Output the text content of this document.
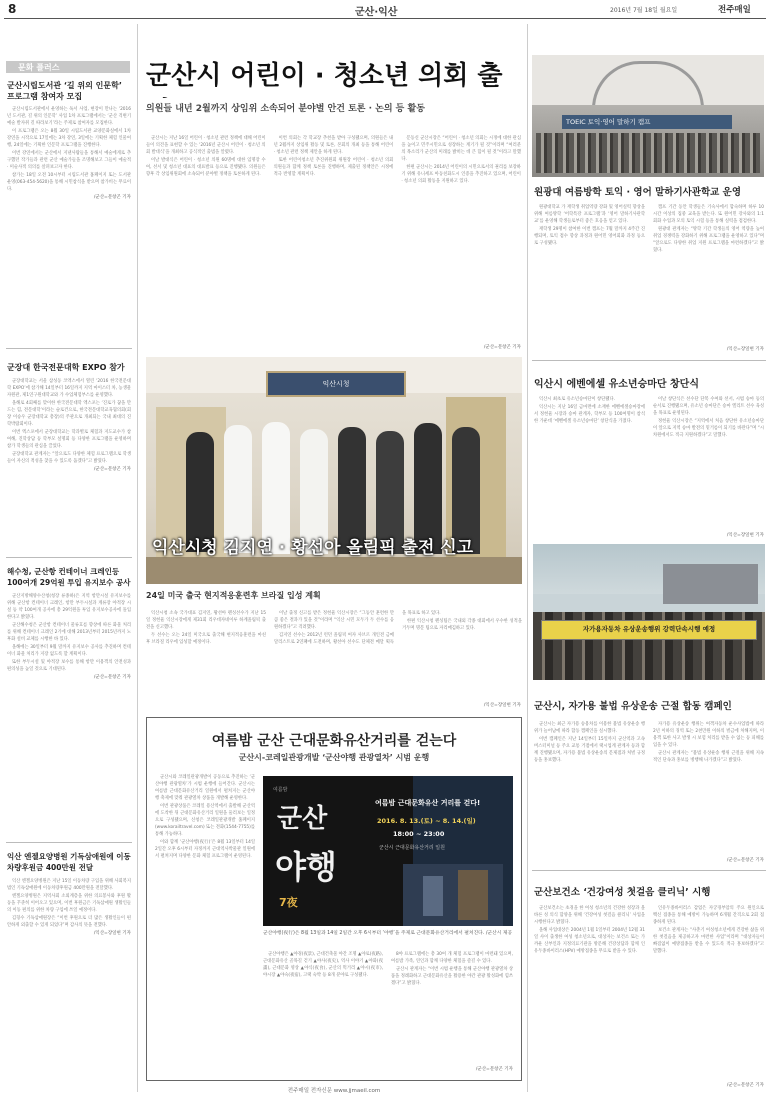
8	군산·익산	2016년 7월 18일 월요일	전주매일
문화 플러스
군산시립도서관 ‘길 위의 인문학’ 프로그램 참여자 모집

군산시립도서관에서 운영하는 독서 사업, 현장이 만나는 ‘2016년 도서관, 길 위의 인문학’ 사업 1차 프로그램에서는 ‘군산 격변기 예술 발자취 길 따라보기’라는 주제로 참여자를 모집한다.

이 프로그램은 오는 8월 30일 시립도서관 교양문화실에서 1차 강연을 시작으로 17일에는 3차 강연, 3일에는 기획한 체험 인물여행, 24일에는 기획한 인문학 프로그램을 진행한다.

이번 강연에서는 군산에서 지낸사람들을 통해서 예술에게로 추구했던 작가들과 관련 군산 예술가들을 조명해보고 그들이 예술적 · 미술사적 의의를 살펴보고자 한다.

참가는 18일 오전 10시부터 시립도서관 홈페이지 또는 도서관운영(063-454-5620)을 통해 시민참석을 받으며 참가비는 무료이다.

/군산=문창곤 기자
군장대 한국전문대학 EXPO 참가

군장대학교는 서울 삼성동 코엑스에서 열린 ‘2016 한국전문대학 EXPO’에 참가해 14일부터 16일까지 지역 마이스터 차, 농생물자원관, 제1연구원대학교와 가 수업체험부스를 운영했다.

올해로 4회째를 맞이한 한국전문대학 엑스포는 ‘진로가 꿈을 만드는 힘, 전문대학’이라는 슬로건으로, 한국전문대학교육협의회(회장 이승우 군장대학교 총장)의 주관으로 개최되는 국내 최대의 진학박람회이다.

이번 엑스포에서 군장대학교는 학과별로 체험과 지도교수가 참여해, 진학상담 등 학부모 설명회 등 다양한 프로그램을 운영하며 참가 학생들의 관심을 끌었다.

군장대학교 관계자는 “앞으로도 다양한 체험 프로그램으로 학생들이 자신의 적성을 찾을 수 있도록 돕겠다”고 밝혔다.

/군산=문창곤 기자
해수청, 군산항 컨테이너 크레인등 100여개 29억원 투입 유지보수 공사

군산지방해양수산청(청장 류종하)은 지역 항만시설 유지보수를 위해 군산항 컨테이너 크레인, 항만 부두시설과 계류장 야적장 시설 등 약 100여개 공사에 총 29억원을 투입 유지보수공사에 돌입한다고 밝혔다.

군산해수청은 군산항 컨테이너 물류흐름 향상에 따른 화물 처리를 위해 컨테이너 크레인 2기에 대해 2013년부터 2015년까지 노후화 설비 교체를 시행한 바 있다.

올해에는 30일부터 9월 말까지 유지보수 공사를 추진하며 컨테이너 화물 처리가 지장 없도록 할 계획이다.

또한 부두시설 및 야적장 보수를 통해 항만 이용객의 안전성과 편의성을 높일 것으로 기대된다.

/군산=문창곤 기자
익산 엔젤요양병원 기독삼애원에 이동차량후원금 400만원 전달

익산 엔젤요양병원은 지난 15일 이동차량 구입을 위해 사회복지법인 기독삼애원에 이동차량후원금 400만원을 전달했다.

엔젤요양병원은 지역사회 소외계층을 위한 의료봉사와 후원 활동을 꾸준히 이어오고 있으며, 이번 후원금은 기독삼애원 생활인들의 이동 편의를 위한 차량 구입에 쓰일 예정이다.

김형수 기독삼애원장은 “이번 후원으로 더 많은 생활인들이 편안하게 외출할 수 있게 되었다”며 감사의 뜻을 전했다.

/익산=장일현 기자
군산시 어린이 · 청소년 의회 출
의원들 내년 2월까지 상임위 소속되어 분야별 안건 토론 · 논의 등 활동

군산시는 지난 16일 어린이 · 청소년 관련 정책에 대해 어린이들이 의견을 표현할 수 있는 ‘2016년 군산시 어린이 · 청소년 의회 발대식’을 개최하고 공식적인 출범을 알렸다.

이날 발대식은 어린이 · 청소년 의원 60명에 대한 임명장 수여, 선서 및 청소년 대표의 대표발표 등으로 진행됐다. 의원들은 향후 각 상임위원회에 소속되어 분야별 정책을 토론하게 된다.

이번 의회는 각 학교장 추천을 받아 구성됐으며, 의원들은 내년 2월까지 상임위 활동 및 토론, 본회의 개최 등을 통해 어린이 · 청소년 관련 정책 제안을 하게 된다.

또한 어린이청소년 추진위원회 위원장 어린이 · 청소년 의회 의원들과 함께 정책 토론을 진행하며, 제출된 정책안은 시정에 적극 반영할 계획이다.

문동신 군산시장은 “어린이 · 청소년 의회는 시정에 대한 관심을 높이고 민주시민으로 성장하는 계기가 될 것”이라며 “여러분의 목소리가 군산의 미래를 밝히는 데 큰 힘이 될 것”이라고 말했다.

한편 군산시는 2014년 어린이의 시민으로서의 권리를 보장하기 위해 유니세프 아동친화도시 인증을 추진하고 있으며, 어린이 · 청소년 의회 활동을 지원하고 있다.

/군산=문창곤 기자
익산시청
익산시청 김지연 · 황선아 올림픽 출전 신고
24일 미국 출국 현지적응훈련후 브라질 입성 계획

익산시청 소속 국가대표 김지연, 황선아 펜싱선수가 지난 15일 정헌율 익산시장에게 제31회 리우데자네이루 하계올림픽 출전을 신고했다.

두 선수는 오는 24일 미국으로 출국해 현지적응훈련을 마친 후 브라질 리우에 입성할 예정이다.

이날 출정 신고를 받은 정헌율 익산시장은 “그동안 훈련한 만큼 좋은 결과가 있을 것”이라며 “익산 시민 모두가 두 선수를 응원하겠다”고 격려했다.

김지연 선수는 2012년 런던 올림픽 여자 사브르 개인전 금메달리스트로 2연패에 도전하며, 황선아 선수도 단체전 메달 획득을 목표로 하고 있다.

한편 익산시청 펜싱팀은 국내외 각종 대회에서 우수한 성적을 거두며 명문 팀으로 자리매김하고 있다.

/익산=장일현 기자
여름밤 군산 근대문화유산거리를 걷는다
군산시-코레일관광개발 ‘군산야행 관광열차’ 시범 운행

군산시와 코레일관광개발이 공동으로 추진하는 ‘군산야행 관광열차’가 시범 운행에 들어간다. 군산시는 여름밤 근대문화유산거리 일원에서 펼쳐지는 군산야행 축제에 맞춰 관광열차 상품을 개발해 운영한다.

이번 관광상품은 코레일 용산역에서 출발해 군산역에 도착한 뒤 근대문화유산거리 일원을 둘러보는 일정으로 구성됐으며, 신청은 코레일관광개발 홈페이지(www.korailtravel.com) 또는 전화(1544-7755)를 통해 가능하다.

이와 함께 ‘군산야행(夜行)’은 8월 13일부터 14일 2일간 오후 6시부터 자정까지 근대역사박물관 일원에서 펼쳐지며 다양한 문화 체험 프로그램이 운영된다.

여름밤
군산
야행
7夜
여름밤 근대문화유산 거리를 걷다!
2016. 8. 13.(토) ~ 8. 14.(일)
18:00 ~ 23:00
군산시 근대문화유산거리 일원
군산야행(夜行)은 8월 13일과 14일 2일간 오후 6시부터 ‘야행’을 주제로 근대문화유산거리에서 펼쳐진다. /군산시 제공

군산야행은 ▲야경(夜景), 근대건축물 야간 조명 ▲야로(夜路), 근대문화유산 골목길 걷기 ▲야사(夜史), 역사 이야기 ▲야화(夜畵), 근대문화 영상 ▲야식(夜食), 군산의 먹거리 ▲야시(夜市), 야시장 ▲야숙(夜宿), 고택 숙박 등 8개 분야로 구성됐다.

8야 프로그램에는 총 30여 개 체험 프로그램이 마련돼 있으며, 여름밤 가족, 연인과 함께 다양한 체험을 즐길 수 있다.

군산시 관계자는 “이번 시범 운행을 통해 군산야행 관광열차 상품을 정례화하고 근대문화유산을 활용한 야간 관광 활성화에 힘쓰겠다”고 밝혔다.

/군산=문창곤 기자
전주매일 전자신문 www.jjmaeil.com
TOEIC 토익·영어 말하기 캠프
원광대 여름방학 토익 · 영어 말하기사관학교 운영

원광대학교 가 재학생 취업역량 강화 및 영어실력 향상을 위해 여름방학 ‘어학특강 프로그램’과 ‘영어 말하기사관학교’를 운영해 학생들로부터 좋은 호응을 얻고 있다.

재학생 29명이 참여한 이번 캠프는 7월 말까지 4주간 진행되며, 토익 점수 향상 과정과 원어민 영어회화 과정 등으로 구성됐다.

캠프 기간 동안 학생들은 기숙사에서 합숙하며 하루 10시간 이상의 집중 교육을 받는다. 또 원어민 강사와의 1:1 회화 수업과 모의 토익 시험 등을 통해 실력을 점검한다.

원광대 관계자는 “방학 기간 학생들의 영어 역량을 높여 취업 경쟁력을 강화하기 위해 프로그램을 운영하고 있다”며 “앞으로도 다양한 취업 지원 프로그램을 마련하겠다”고 밝혔다.

/익산=장일현 기자
익산시 에벤에셀 유소년승마단 창단식

익산시 최초로 유소년승마단이 창단됐다.

익산시는 지난 16일 금마면에 소재한 에벤에셀승마장에서 정헌율 시장과 승마 관계자, 학부모 등 100여명이 참석한 가운데 ‘에벤에셀 유소년승마단’ 창단식을 가졌다.

이날 창단식은 선수단 단복 수여와 선서, 시범 승마 등의 순서로 진행됐으며, 유소년 승마단은 승마 엘리트 선수 육성을 목표로 운영된다.

정헌율 익산시장은 “지역에서 처음 창단한 유소년승마단이 앞으로 지역 승마 발전의 밑거름이 되기를 바란다”며 “시 차원에서도 적극 지원하겠다”고 말했다.

/익산=장일현 기자
자가용자동차 유상운송행위 강력단속시행 예정
군산시, 자가용 불법 유상운송 근절 합동 캠페인

군산시는 최근 자가용 승용차를 이용한 불법 유상운송 행위가 늘어남에 따라 합동 캠페인을 실시했다.

이번 캠페인은 지난 14일부터 15일까지 군산역과 고속버스터미널 등 주요 교통 거점에서 택시업계 관계자 등과 함께 진행됐으며, 자가용 불법 유상운송의 문제점과 처벌 규정 등을 홍보했다.

자가용 유상운송 행위는 여객자동차 운수사업법에 따라 2년 이하의 징역 또는 2천만원 이하의 벌금에 처해지며, 이용객 또한 사고 발생 시 보험 처리를 받을 수 없는 등 피해를 입을 수 있다.

군산시 관계자는 “불법 유상운송 행위 근절을 위해 지속적인 단속과 홍보를 병행해 나가겠다”고 밝혔다.

/군산=문창곤 기자
군산보건소 ‘건강여성 첫걸음 클리닉’ 시행

군산보건소는 초경을 한 여성 청소년의 건강한 성장과 올바른 성 의식 함양을 위해 ‘건강여성 첫걸음 클리닉’ 사업을 시행한다고 밝혔다.

올해 사업대상은 2004년 1월 1일부터 2004년 12월 31일 사이 출생한 여성 청소년으로, 대상자는 보건소 또는 가까운 산부인과 지정의료기관을 방문해 건강상담과 함께 인유두종바이러스(HPV) 예방접종을 무료로 받을 수 있다.

인유두종바이러스 감염은 자궁경부암의 주요 원인으로 백신 접종을 통해 예방이 가능하며 6개월 간격으로 2회 접종하게 된다.

보건소 관계자는 “사춘기 여성청소년에게 건강한 삶을 위한 첫걸음을 제공하고자 마련한 사업”이라며 “대상자들이 빠짐없이 예방접종을 받을 수 있도록 적극 홍보하겠다”고 말했다.

/군산=문창곤 기자
